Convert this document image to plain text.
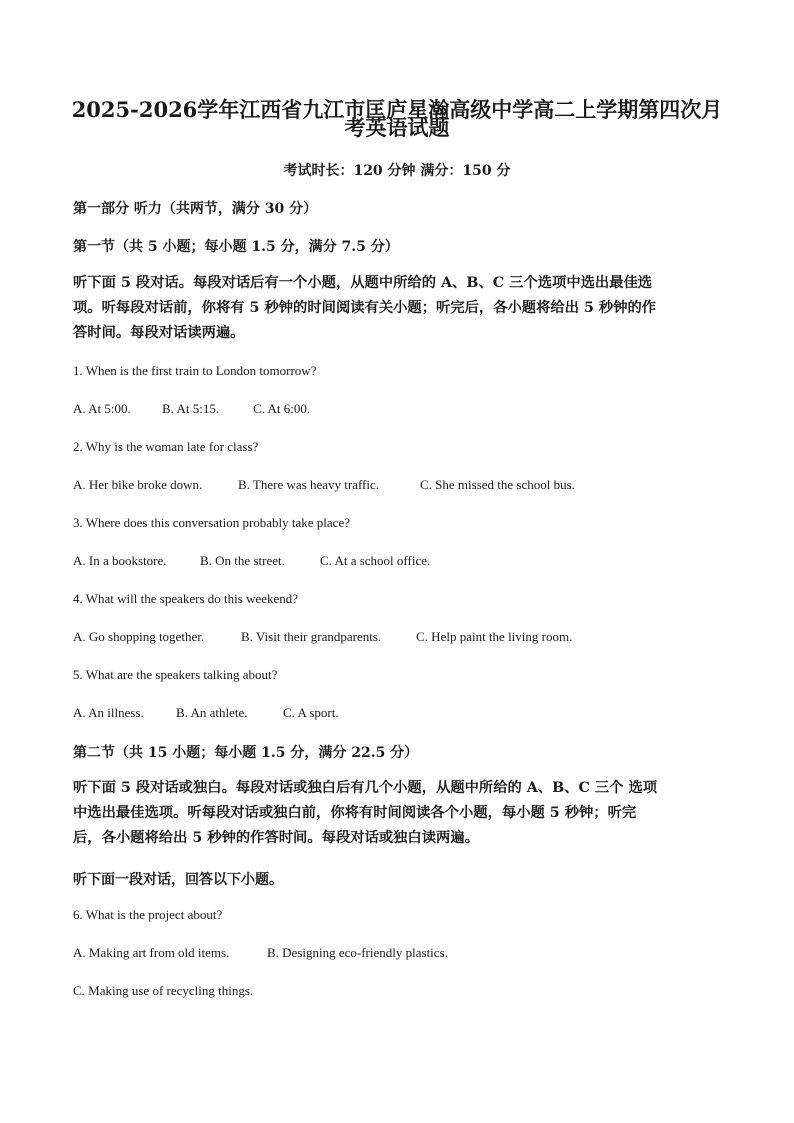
2025-2026学年江西省九江市匡庐星瀚高级中学高二上学期第四次月
考英语试题
考试时长：120 分钟 满分：150 分
第一部分 听力（共两节，满分 30 分）
第一节（共 5 小题；每小题 1.5 分，满分 7.5 分）
听下面 5 段对话。每段对话后有一个小题，从题中所给的 A、B、C 三个选项中选出最佳选
项。听每段对话前，你将有 5 秒钟的时间阅读有关小题；听完后，各小题将给出 5 秒钟的作
答时间。每段对话读两遍。
1. When is the first train to London tomorrow?
A. At 5:00. B. At 5:15.	C. At 6:00.
2. Why is the woman late for class?
A. Her bike broke down.	B. There was heavy traffic.	C. She missed the school bus.
3. Where does this conversation probably take place?
A. In a bookstore.	B. On the street.	C. At a school office.
4. What will the speakers do this weekend?
A. Go shopping together.	B. Visit their grandparents.	C. Help paint the living room.
5. What are the speakers talking about?
A. An illness. B. An athlete.	C. A sport.
第二节（共 15 小题；每小题 1.5 分，满分 22.5 分）
听下面 5 段对话或独白。每段对话或独白后有几个小题，从题中所给的 A、B、C 三个 选项
中选出最佳选项。听每段对话或独白前，你将有时间阅读各个小题，每小题 5 秒钟；听完
后，各小题将给出 5 秒钟的作答时间。每段对话或独白读两遍。
听下面一段对话，回答以下小题。
6. What is the project about?
A. Making art from old items.	B. Designing eco-friendly plastics.
C. Making use of recycling things.
